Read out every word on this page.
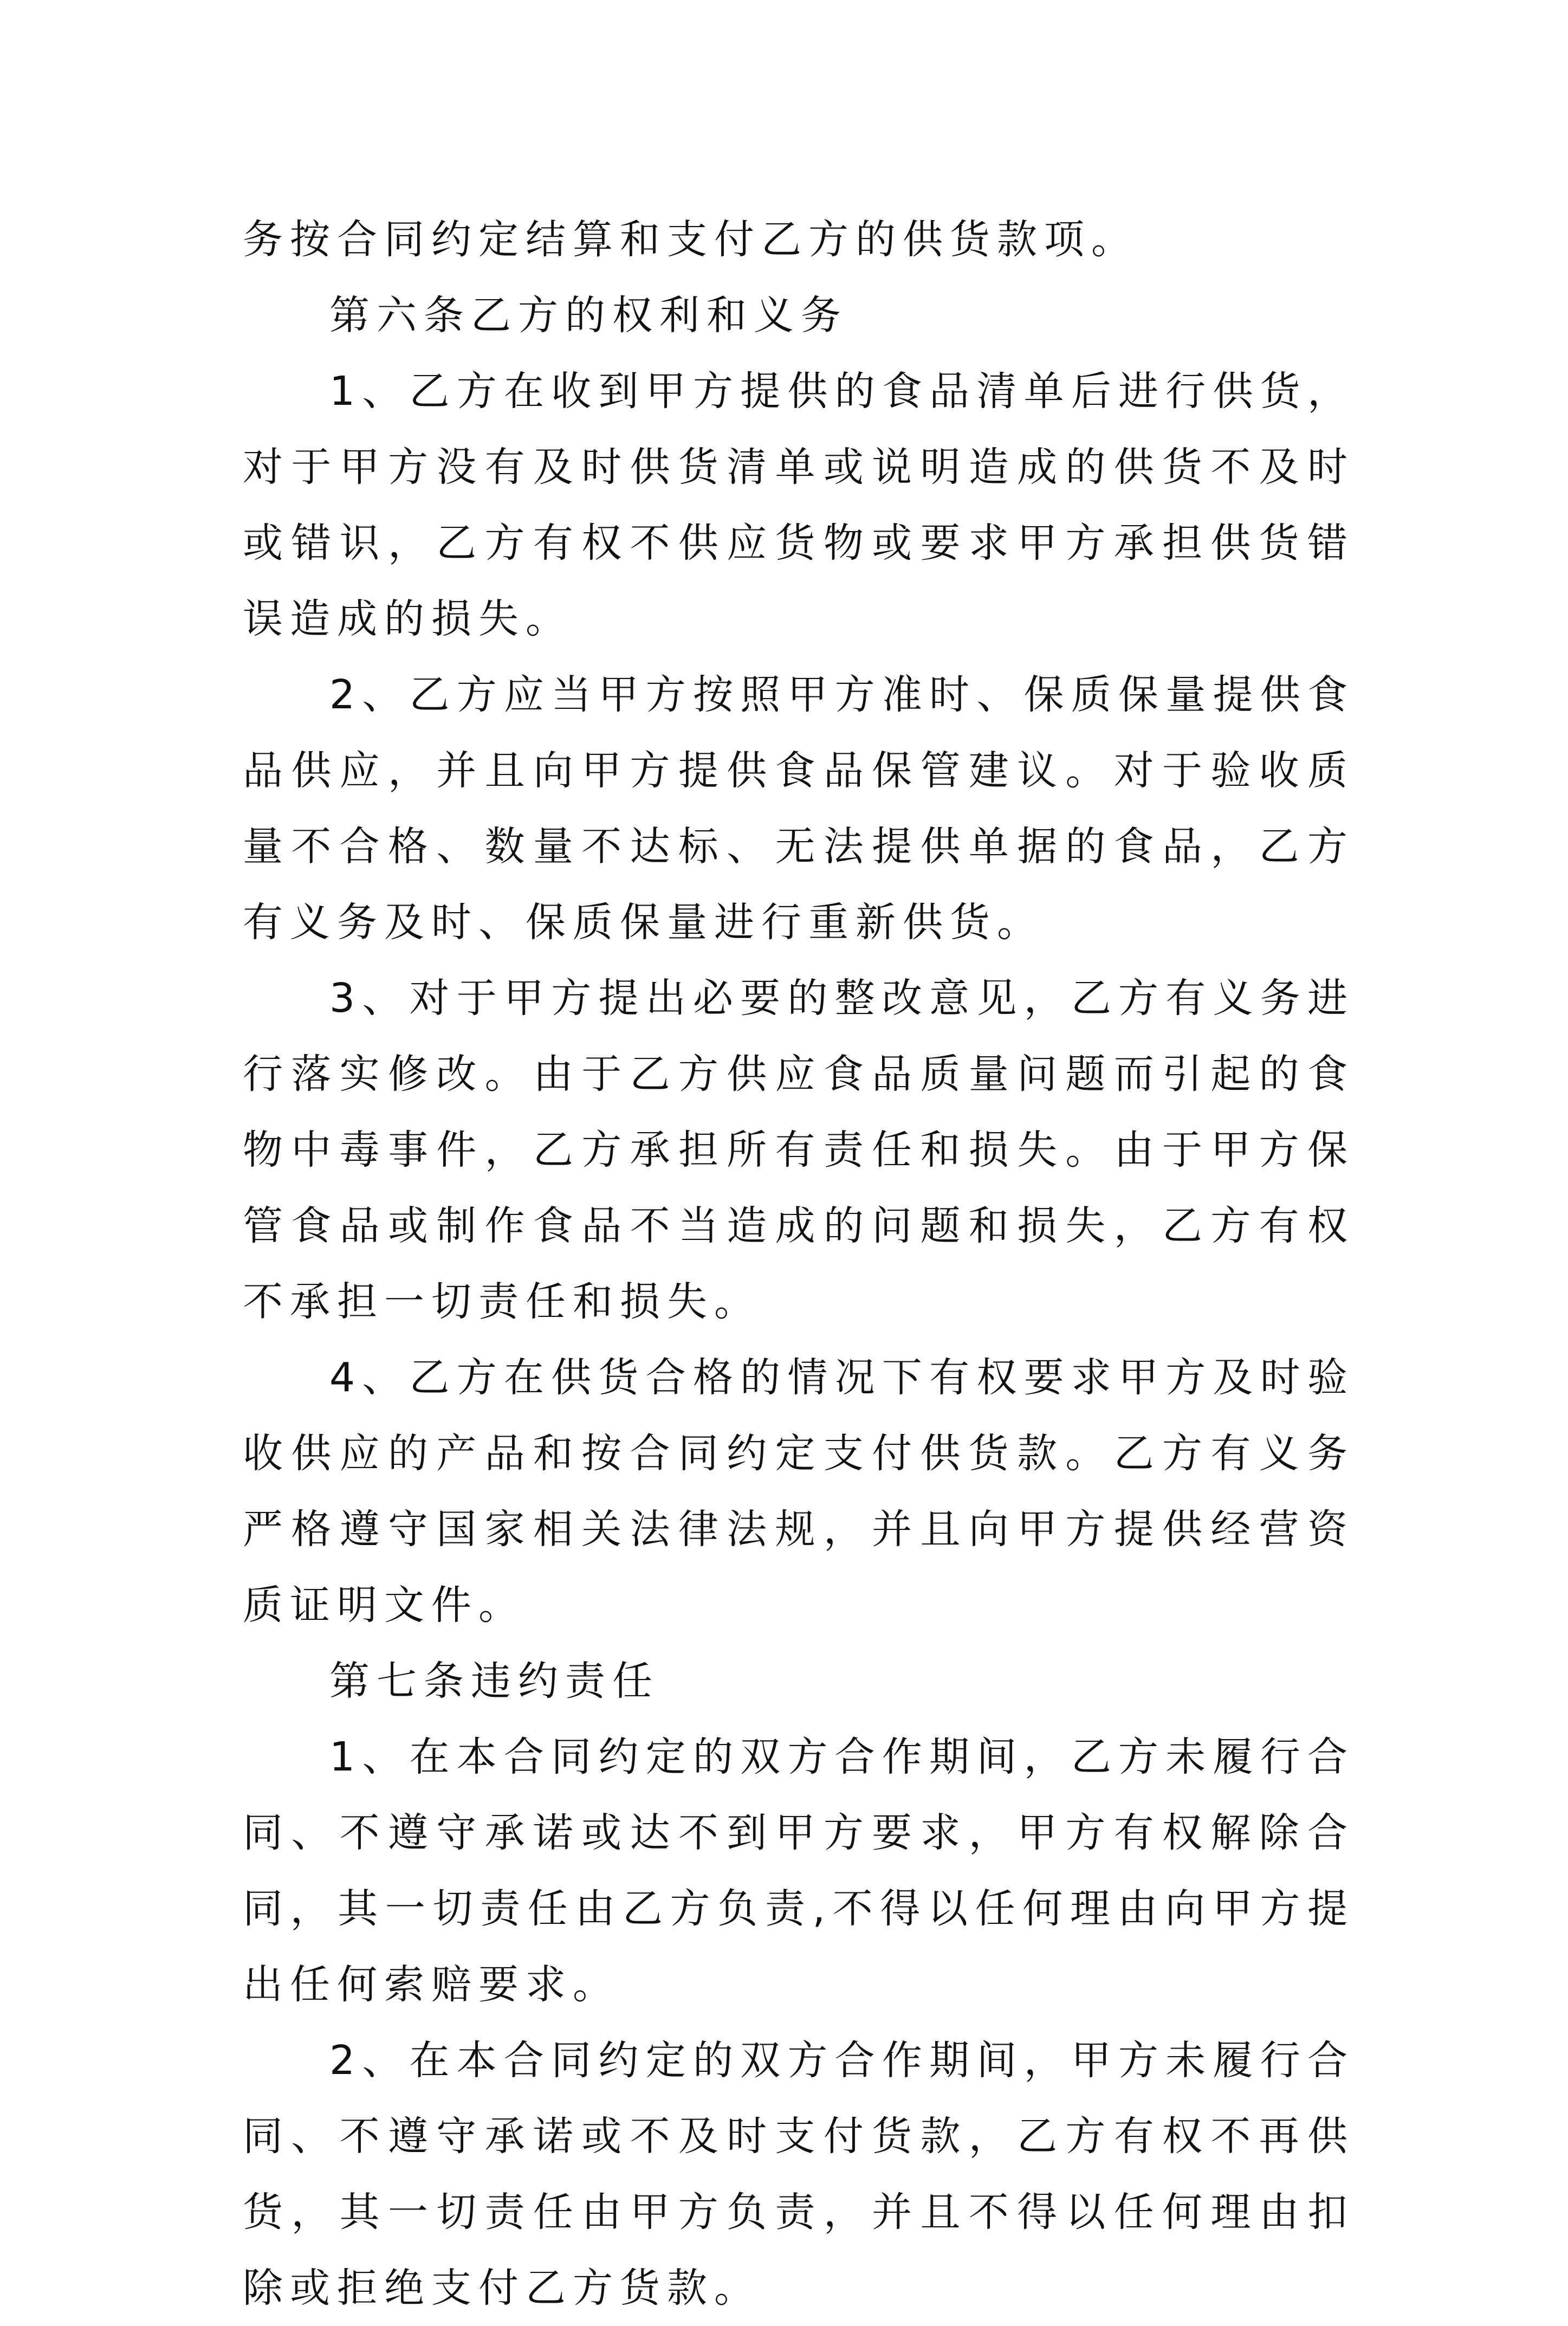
务按合同约定结算和支付乙方的供货款项。

第六条乙方的权利和义务

1、乙方在收到甲方提供的食品清单后进行供货，对于甲方没有及时供货清单或说明造成的供货不及时或错识，乙方有权不供应货物或要求甲方承担供货错误造成的损失。

2、乙方应当甲方按照甲方准时、保质保量提供食品供应，并且向甲方提供食品保管建议。对于验收质量不合格、数量不达标、无法提供单据的食品，乙方有义务及时、保质保量进行重新供货。

3、对于甲方提出必要的整改意见，乙方有义务进行落实修改。由于乙方供应食品质量问题而引起的食物中毒事件，乙方承担所有责任和损失。由于甲方保管食品或制作食品不当造成的问题和损失，乙方有权不承担一切责任和损失。

4、乙方在供货合格的情况下有权要求甲方及时验收供应的产品和按合同约定支付供货款。乙方有义务严格遵守国家相关法律法规，并且向甲方提供经营资质证明文件。

第七条违约责任

1、在本合同约定的双方合作期间，乙方未履行合同、不遵守承诺或达不到甲方要求，甲方有权解除合同，其一切责任由乙方负责,不得以任何理由向甲方提出任何索赔要求。

2、在本合同约定的双方合作期间，甲方未履行合同、不遵守承诺或不及时支付货款，乙方有权不再供货，其一切责任由甲方负责，并且不得以任何理由扣除或拒绝支付乙方货款。
